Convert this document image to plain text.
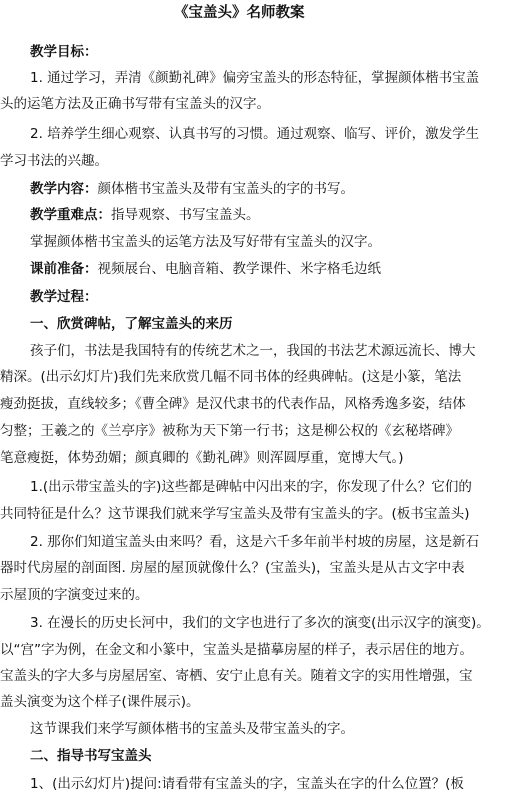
《宝盖头》名师教案
教学目标：
1. 通过学习，弄清《颜勤礼碑》偏旁宝盖头的形态特征，掌握颜体楷书宝盖
头的运笔方法及正确书写带有宝盖头的汉字。
2. 培养学生细心观察、认真书写的习惯。通过观察、临写、评价，激发学生
学习书法的兴趣。
教学内容：颜体楷书宝盖头及带有宝盖头的字的书写。
教学重难点：指导观察、书写宝盖头。
掌握颜体楷书宝盖头的运笔方法及写好带有宝盖头的汉字。
课前准备：视频展台、电脑音箱、教学课件、米字格毛边纸
教学过程：
一、欣赏碑帖，了解宝盖头的来历
孩子们，书法是我国特有的传统艺术之一，我国的书法艺术源远流长、博大
精深。(出示幻灯片)我们先来欣赏几幅不同书体的经典碑帖。(这是小篆，笔法
瘦劲挺拔，直线较多；《曹全碑》是汉代隶书的代表作品，风格秀逸多姿，结体
匀整；王羲之的《兰亭序》被称为天下第一行书；这是柳公权的《玄秘塔碑》
笔意瘦挺，体势劲媚；颜真卿的《勤礼碑》则浑圆厚重，宽博大气。)
1.(出示带宝盖头的字)这些都是碑帖中闪出来的字，你发现了什么？它们的
共同特征是什么？这节课我们就来学写宝盖头及带有宝盖头的字。(板书宝盖头)
2. 那你们知道宝盖头由来吗？看，这是六千多年前半村坡的房屋，这是新石
器时代房屋的剖面图. 房屋的屋顶就像什么？(宝盖头)，宝盖头是从古文字中表
示屋顶的字演变过来的。
3. 在漫长的历史长河中，我们的文字也进行了多次的演变(出示汉字的演变)。
以“宫”字为例，在金文和小篆中，宝盖头是描摹房屋的样子，表示居住的地方。
宝盖头的字大多与房屋居室、寄栖、安宁止息有关。随着文字的实用性增强，宝
盖头演变为这个样子(课件展示)。
这节课我们来学写颜体楷书的宝盖头及带宝盖头的字。
二、指导书写宝盖头
1、(出示幻灯片)提问:请看带有宝盖头的字，宝盖头在字的什么位置？(板
